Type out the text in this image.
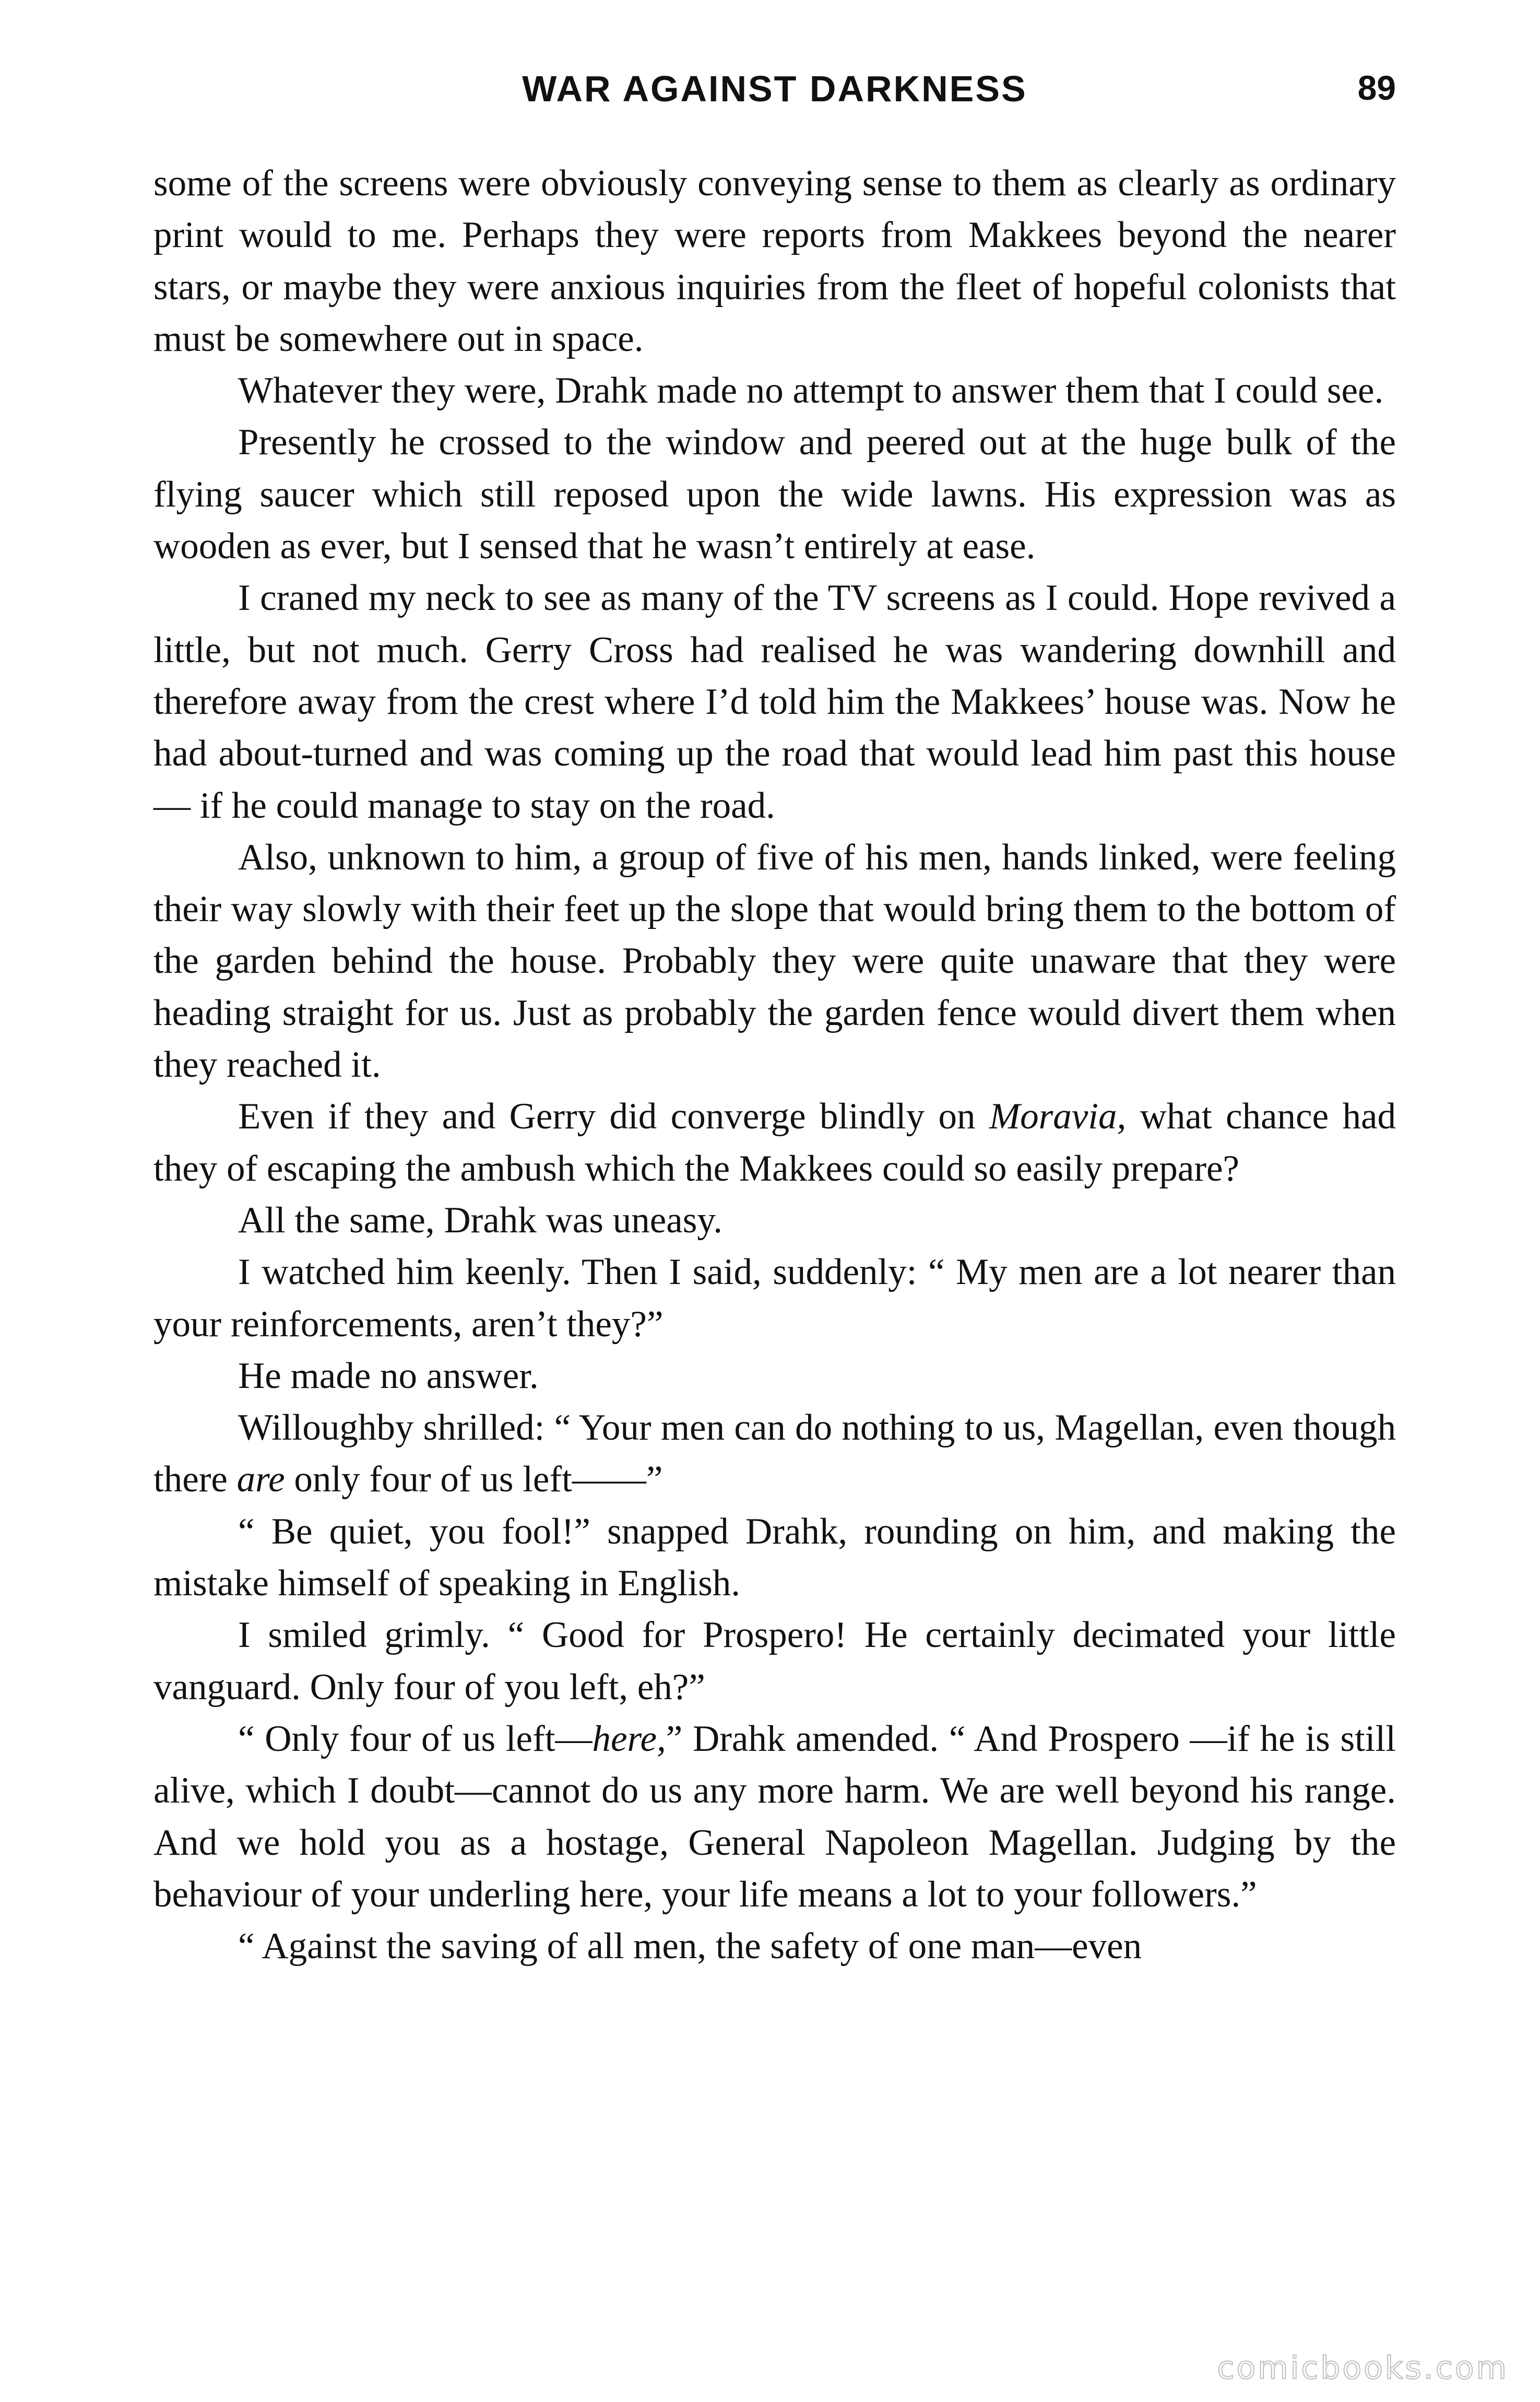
WAR AGAINST DARKNESS	89

some of the screens were obviously conveying sense to them as clearly as ordinary print would to me. Perhaps they were reports from Makkees beyond the nearer stars, or maybe they were anxious inquiries from the fleet of hopeful colonists that must be somewhere out in space.

Whatever they were, Drahk made no attempt to answer them that I could see.

Presently he crossed to the window and peered out at the huge bulk of the flying saucer which still reposed upon the wide lawns. His expression was as wooden as ever, but I sensed that he wasn’t entirely at ease.

I craned my neck to see as many of the TV screens as I could. Hope revived a little, but not much. Gerry Cross had realised he was wandering downhill and therefore away from the crest where I’d told him the Makkees’ house was. Now he had about-turned and was coming up the road that would lead him past this house— if he could manage to stay on the road.

Also, unknown to him, a group of five of his men, hands linked, were feeling their way slowly with their feet up the slope that would bring them to the bottom of the garden behind the house. Probably they were quite unaware that they were heading straight for us. Just as probably the garden fence would divert them when they reached it.

Even if they and Gerry did converge blindly on Moravia, what chance had they of escaping the ambush which the Makkees could so easily prepare?

All the same, Drahk was uneasy.

I watched him keenly. Then I said, suddenly: “ My men are a lot nearer than your reinforcements, aren’t they?”

He made no answer.

Willoughby shrilled: “ Your men can do nothing to us, Magellan, even though there are only four of us left——”

“ Be quiet, you fool!” snapped Drahk, rounding on him, and making the mistake himself of speaking in English.

I smiled grimly. “ Good for Prospero! He certainly decimated your little vanguard. Only four of you left, eh?”

“ Only four of us left—here,” Drahk amended. “ And Prospero —if he is still alive, which I doubt—cannot do us any more harm. We are well beyond his range. And we hold you as a hostage, General Napoleon Magellan. Judging by the behaviour of your underling here, your life means a lot to your followers.”

“ Against the saving of all men, the safety of one man—even

comicbooks.com
